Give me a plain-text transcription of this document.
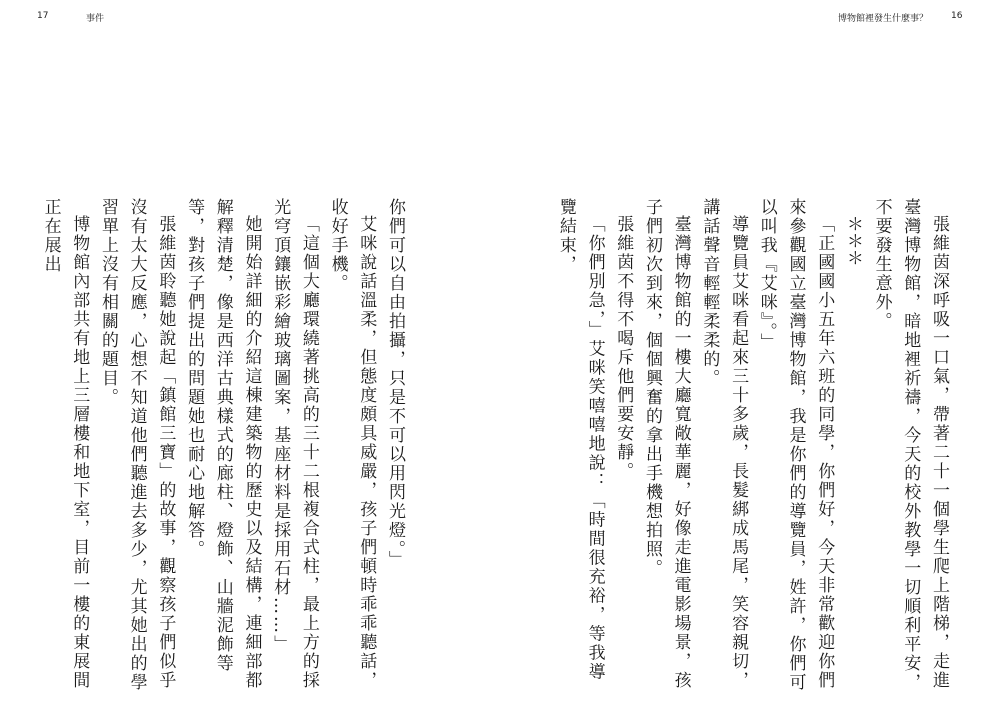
17	事件	博物館裡發生什麼事？	16

張維茵深呼吸一口氣，帶著二十一個學生爬上階梯，走進臺灣博物館，暗地裡祈禱，今天的校外教學一切順利平安，不要發生意外。

＊＊＊

「正國國小五年六班的同學，你們好，今天非常歡迎你們來參觀國立臺灣博物館，我是你們的導覽員，姓許，你們可以叫我『艾咪』。」

導覽員艾咪看起來三十多歲，長髮綁成馬尾，笑容親切，講話聲音輕輕柔柔的。

臺灣博物館的一樓大廳寬敞華麗，好像走進電影場景，孩子們初次到來，個個興奮的拿出手機想拍照。

張維茵不得不喝斥他們要安靜。

「你們別急，」艾咪笑嘻嘻地說：「時間很充裕，等我導覽結束，

你們可以自由拍攝，只是不可以用閃光燈。」

艾咪說話溫柔，但態度頗具威嚴，孩子們頓時乖乖聽話，收好手機。

「這個大廳環繞著挑高的三十二根複合式柱，最上方的採光穹頂鑲嵌彩繪玻璃圖案，基座材料是採用石材……」

她開始詳細的介紹這棟建築物的歷史以及結構，連細部都解釋清楚，像是西洋古典樣式的廊柱、燈飾、山牆泥飾等等，對孩子們提出的問題她也耐心地解答。

張維茵聆聽她說起「鎮館三寶」的故事，觀察孩子們似乎沒有太大反應，心想不知道他們聽進去多少，尤其她出的學習單上沒有相關的題目。

博物館內部共有地上三層樓和地下室，目前一樓的東展間正在展出
